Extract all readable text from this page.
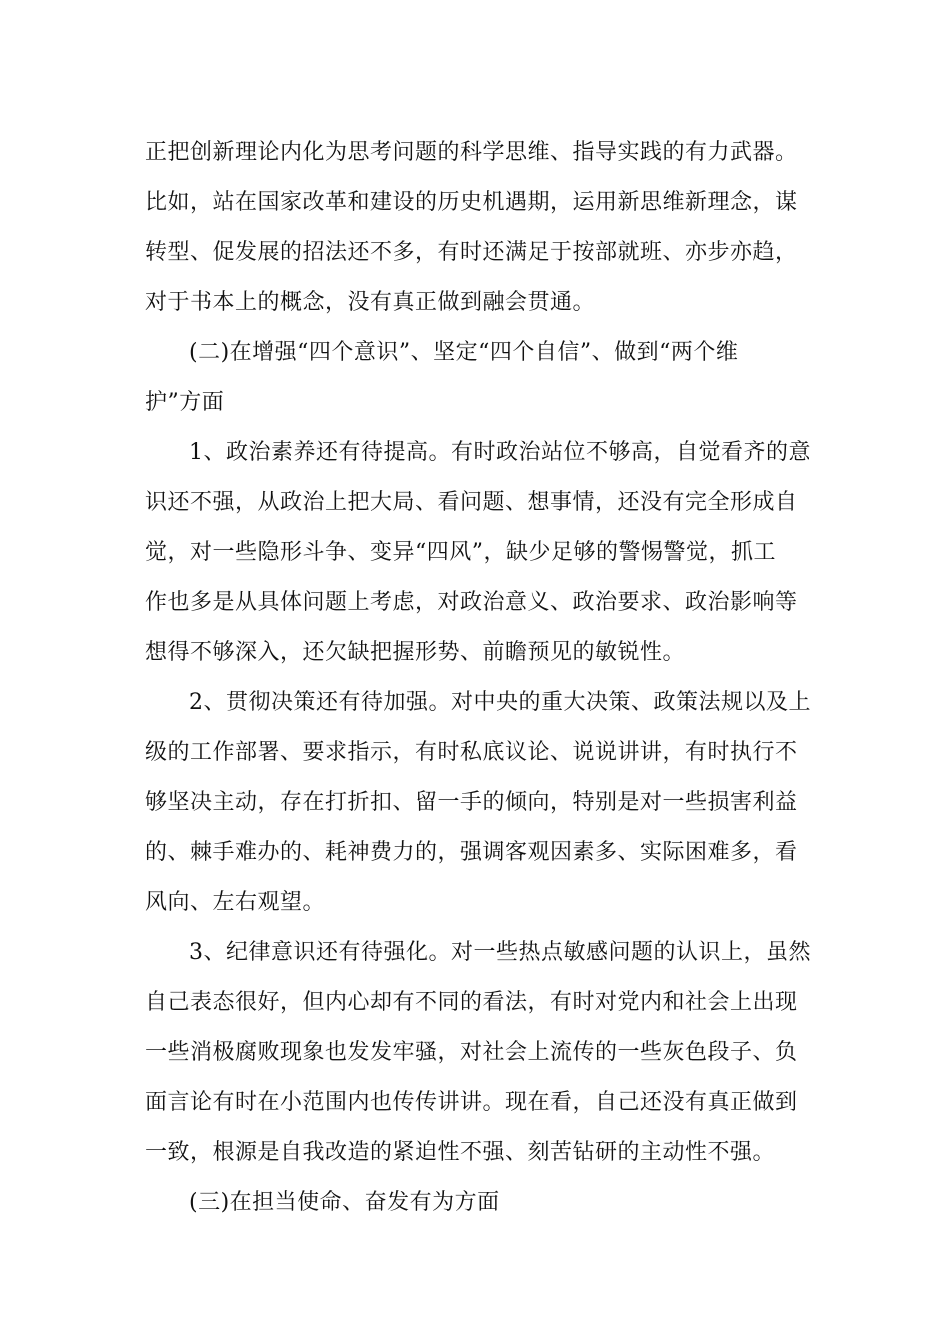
正把创新理论内化为思考问题的科学思维、指导实践的有力武器。
比如，站在国家改革和建设的历史机遇期，运用新思维新理念，谋
转型、促发展的招法还不多，有时还满足于按部就班、亦步亦趋，
对于书本上的概念，没有真正做到融会贯通。
(二)在增强“四个意识”、坚定“四个自信”、做到“两个维
护”方面
1、政治素养还有待提高。有时政治站位不够高，自觉看齐的意
识还不强，从政治上把大局、看问题、想事情，还没有完全形成自
觉，对一些隐形斗争、变异“四风”，缺少足够的警惕警觉，抓工
作也多是从具体问题上考虑，对政治意义、政治要求、政治影响等
想得不够深入，还欠缺把握形势、前瞻预见的敏锐性。
2、贯彻决策还有待加强。对中央的重大决策、政策法规以及上
级的工作部署、要求指示，有时私底议论、说说讲讲，有时执行不
够坚决主动，存在打折扣、留一手的倾向，特别是对一些损害利益
的、棘手难办的、耗神费力的，强调客观因素多、实际困难多，看
风向、左右观望。
3、纪律意识还有待强化。对一些热点敏感问题的认识上，虽然
自己表态很好，但内心却有不同的看法，有时对党内和社会上出现
一些消极腐败现象也发发牢骚，对社会上流传的一些灰色段子、负
面言论有时在小范围内也传传讲讲。现在看，自己还没有真正做到
一致，根源是自我改造的紧迫性不强、刻苦钻研的主动性不强。
(三)在担当使命、奋发有为方面
